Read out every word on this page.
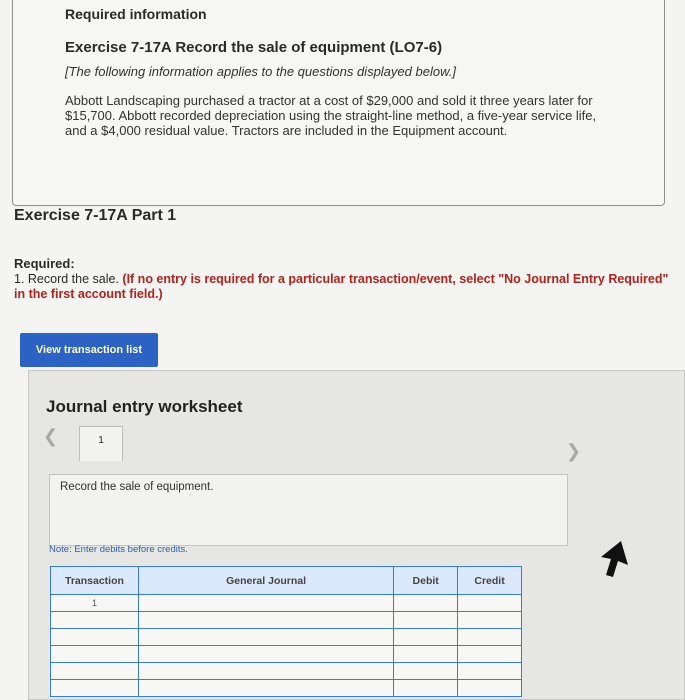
Required information
Exercise 7-17A Record the sale of equipment (LO7-6)
[The following information applies to the questions displayed below.]
Abbott Landscaping purchased a tractor at a cost of $29,000 and sold it three years later for $15,700. Abbott recorded depreciation using the straight-line method, a five-year service life, and a $4,000 residual value. Tractors are included in the Equipment account.
Exercise 7-17A Part 1
Required:
1. Record the sale. (If no entry is required for a particular transaction/event, select "No Journal Entry Required" in the first account field.)
View transaction list
Journal entry worksheet
❮	1
❯
Record the sale of equipment.
Note: Enter debits before credits.
Transaction	General Journal	Debit	Credit
1			
